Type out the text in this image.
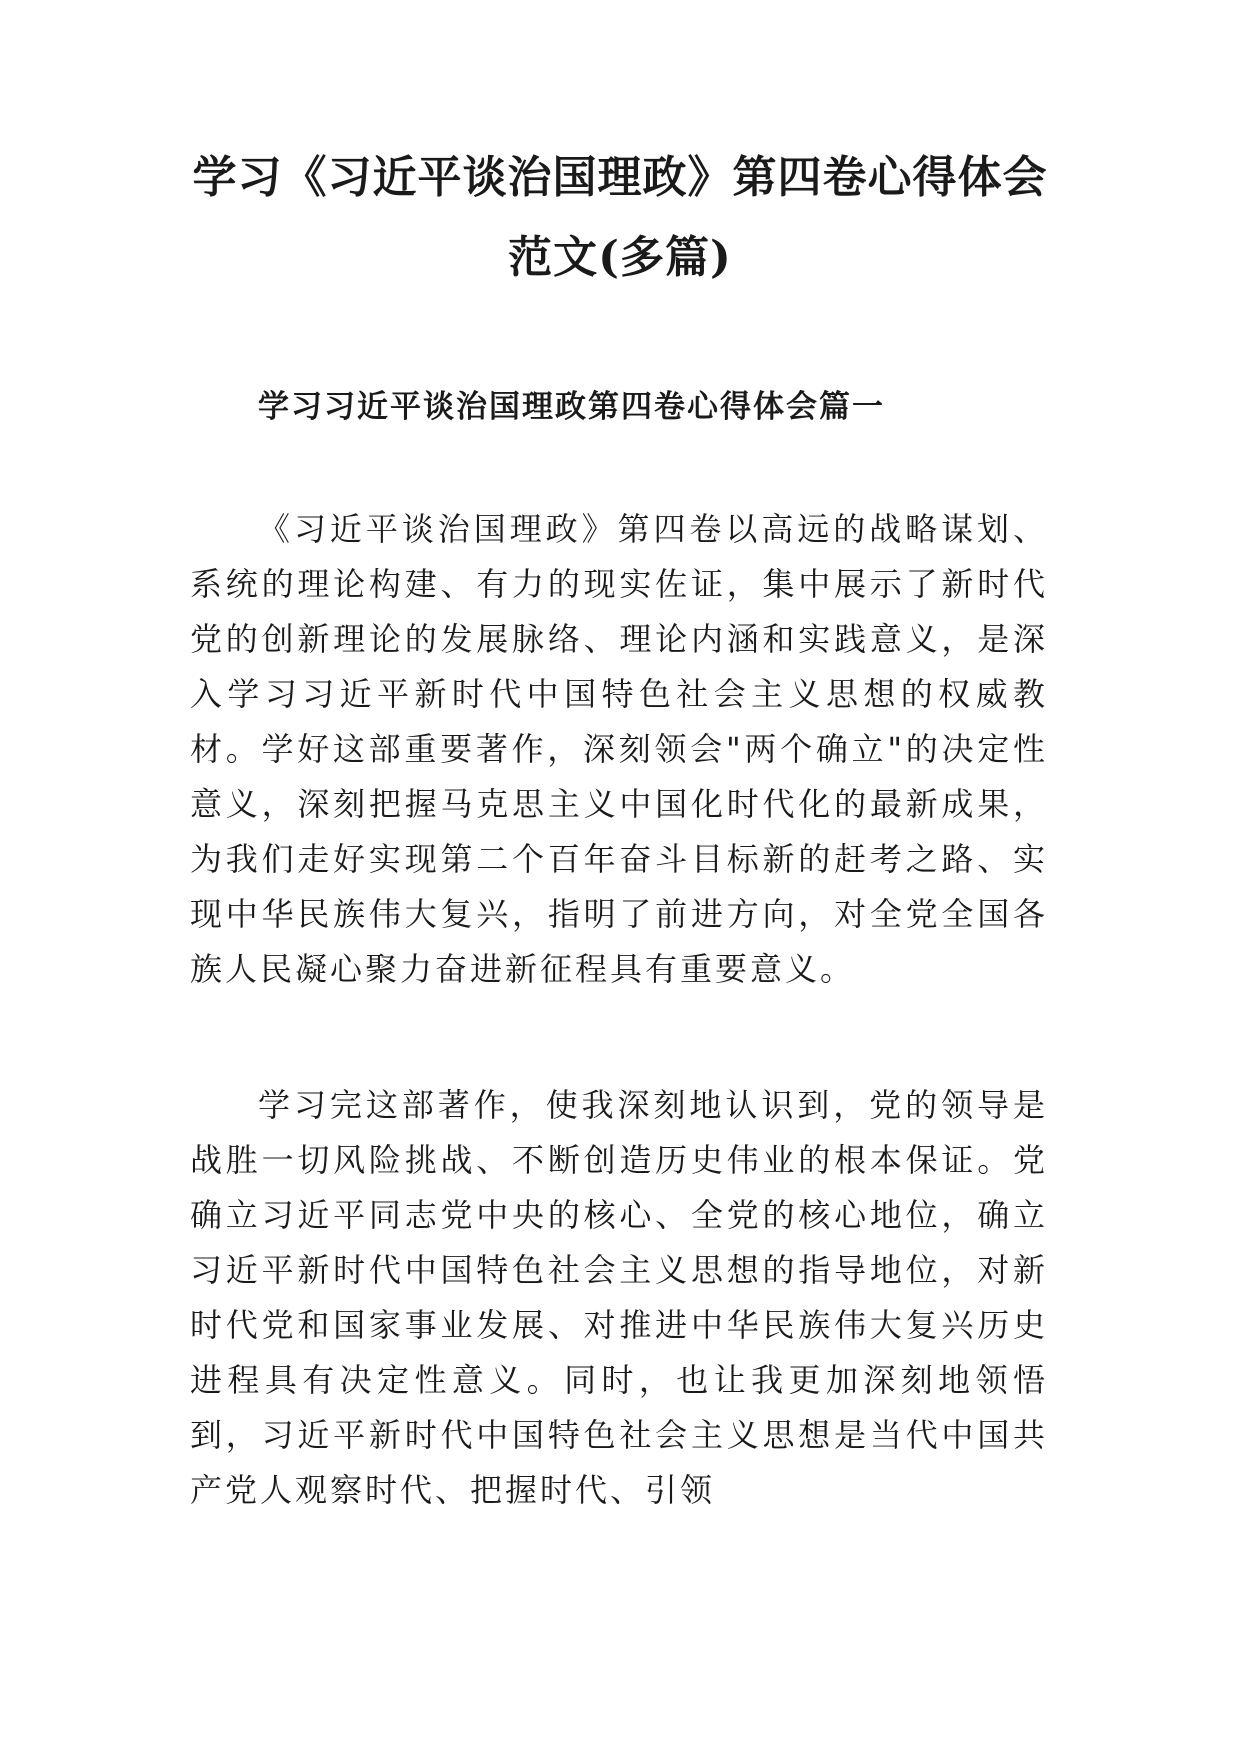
学习《习近平谈治国理政》第四卷心得体会
范文(多篇)
学习习近平谈治国理政第四卷心得体会篇一

《习近平谈治国理政》第四卷以高远的战略谋划、系统的理论构建、有力的现实佐证，集中展示了新时代党的创新理论的发展脉络、理论内涵和实践意义，是深入学习习近平新时代中国特色社会主义思想的权威教材。学好这部重要著作，深刻领会"两个确立"的决定性意义，深刻把握马克思主义中国化时代化的最新成果，为我们走好实现第二个百年奋斗目标新的赶考之路、实现中华民族伟大复兴，指明了前进方向，对全党全国各族人民凝心聚力奋进新征程具有重要意义。

学习完这部著作，使我深刻地认识到，党的领导是战胜一切风险挑战、不断创造历史伟业的根本保证。党确立习近平同志党中央的核心、全党的核心地位，确立习近平新时代中国特色社会主义思想的指导地位，对新时代党和国家事业发展、对推进中华民族伟大复兴历史进程具有决定性意义。同时，也让我更加深刻地领悟到，习近平新时代中国特色社会主义思想是当代中国共产党人观察时代、把握时代、引领
